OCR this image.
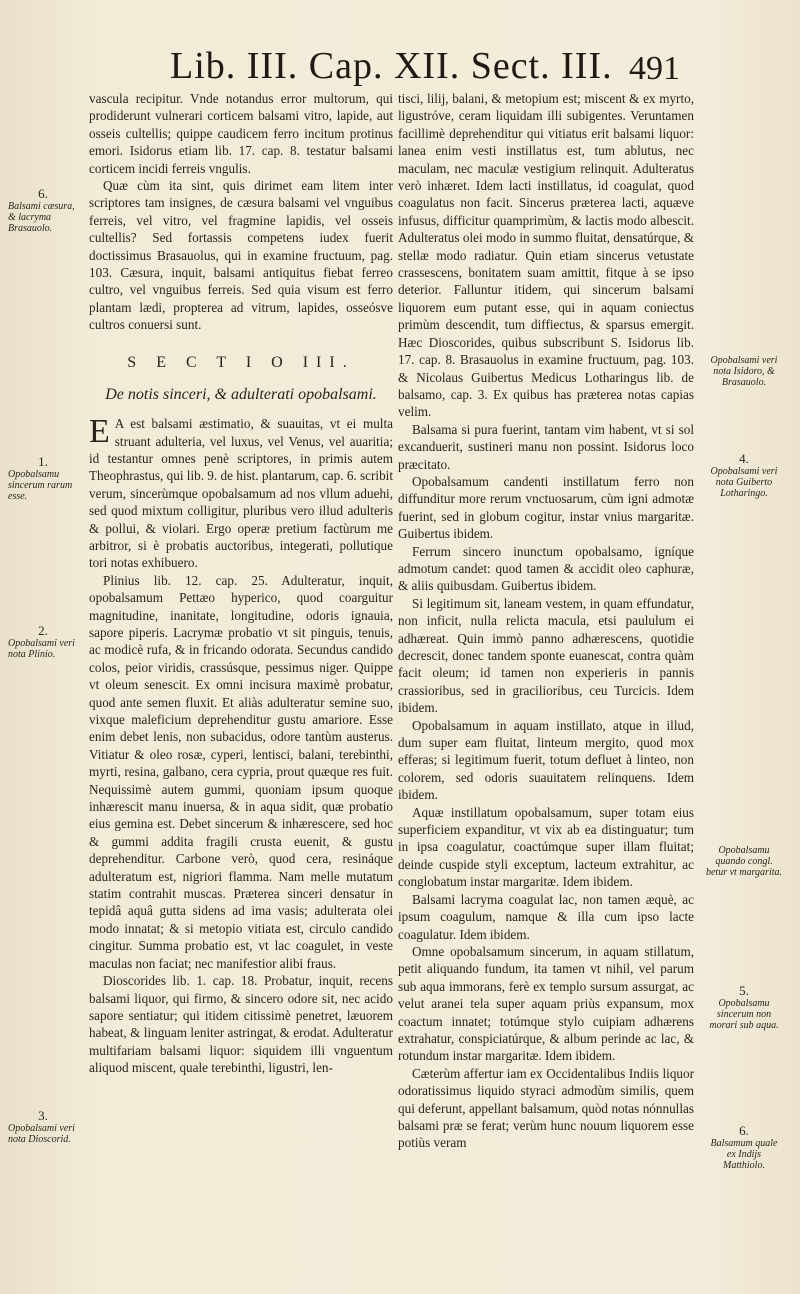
Lib. III. Cap. XII. Sect. III. 491
6.
Balsami cæsura, & lacryma Brasauolo.
1.
Opobalsamu sincerum rarum esse.
2.
Opobalsami veri nota Plinio.
3.
Opobalsami veri nota Dioscorid.
Opobalsami veri nota Isidoro, & Brasauolo.
4.
Opobalsami veri nota Guiberto Lotharingo.
Opobalsamu quando congl. betur vt margarita.
5.
Opobalsamu sincerum non morari sub aqua.
6.
Balsamum quale ex Indijs Matthiolo.

vascula recipitur. Vnde notandus error multorum, qui prodiderunt vulnerari corticem balsami vitro, lapide, aut osseis cultellis; quippe caudicem ferro incitum protinus emori. Isidorus etiam lib. 17. cap. 8. testatur balsami corticem incidi ferreis vngulis.

Quæ cùm ita sint, quis dirimet eam litem inter scriptores tam insignes, de cæsura balsami vel vnguibus ferreis, vel vitro, vel fragmine lapidis, vel osseis cultellis? Sed fortassis competens iudex fuerit doctissimus Brasauolus, qui in examine fructuum, pag. 103. Cæsura, inquit, balsami antiquitus fiebat ferreo cultro, vel vnguibus ferreis. Sed quia visum est ferro plantam lædi, propterea ad vitrum, lapides, osseósve cultros conuersi sunt.

S E C T I O III.
De notis sinceri, & adulterati opobalsami.

E A est balsami æstimatio, & suauitas, vt ei multa struant adulteria, vel luxus, vel Venus, vel auaritia; id testantur omnes penè scriptores, in primis autem Theophrastus, qui lib. 9. de hist. plantarum, cap. 6. scribit verum, sincerùmque opobalsamum ad nos vllum aduehi, sed quod mixtum colligitur, pluribus vero illud adulteris & pollui, & violari. Ergo operæ pretium factùrum me arbitror, si è probatis auctoribus, integerati, pollutique tori notas exhibuero.

Plinius lib. 12. cap. 25. Adulteratur, inquit, opobalsamum Pettæo hyperico, quod coarguitur magnitudine, inanitate, longitudine, odoris ignauia, sapore piperis. Lacrymæ probatio vt sit pinguis, tenuis, ac modicè rufa, & in fricando odorata. Secundus candido colos, peior viridis, crassúsque, pessimus niger. Quippe vt oleum senescit. Ex omni incisura maximè probatur, quod ante semen fluxit. Et aliàs adulteratur semine suo, vixque maleficium deprehenditur gustu amariore. Esse enim debet lenis, non subacidus, odore tantùm austerus. Vitiatur & oleo rosæ, cyperi, lentisci, balani, terebinthi, myrti, resina, galbano, cera cypria, prout quæque res fuit. Nequissimè autem gummi, quoniam ipsum quoque inhærescit manu inuersa, & in aqua sidit, quæ probatio eius gemina est. Debet sincerum & inhærescere, sed hoc & gummi addita fragili crusta euenit, & gustu deprehenditur. Carbone verò, quod cera, resináque adulteratum est, nigriori flamma. Nam melle mutatum statim contrahit muscas. Præterea sinceri densatur in tepidâ aquâ gutta sidens ad ima vasis; adulterata olei modo innatat; & si metopio vitiata est, circulo candido cingitur. Summa probatio est, vt lac coagulet, in veste maculas non faciat; nec manifestior alibi fraus.

Dioscorides lib. 1. cap. 18. Probatur, inquit, recens balsami liquor, qui firmo, & sincero odore sit, nec acido sapore sentiatur; qui itidem citissimè penetret, læuorem habeat, & linguam leniter astringat, & erodat. Adulteratur multifariam balsami liquor: siquidem illi vnguentum aliquod miscent, quale terebinthi, ligustri, len-

tisci, lilij, balani, & metopium est; miscent & ex myrto, ligustróve, ceram liquidam illi subigentes. Veruntamen facillimè deprehenditur qui vitiatus erit balsami liquor: lanea enim vesti instillatus est, tum ablutus, nec maculam, nec maculæ vestigium relinquit. Adulteratus verò inhæret. Idem lacti instillatus, id coagulat, quod coagulatus non facit. Sincerus præterea lacti, aquæve infusus, difficitur quamprimùm, & lactis modo albescit. Adulteratus olei modo in summo fluitat, densatúrque, & stellæ modo radiatur. Quin etiam sincerus vetustate crassescens, bonitatem suam amittit, fitque à se ipso deterior. Falluntur itidem, qui sincerum balsami liquorem eum putant esse, qui in aquam coniectus primùm descendit, tum diffiectus, & sparsus emergit. Hæc Dioscorides, quibus subscribunt S. Isidorus lib. 17. cap. 8. Brasauolus in examine fructuum, pag. 103. & Nicolaus Guibertus Medicus Lotharingus lib. de balsamo, cap. 3. Ex quibus has præterea notas capias velim.

Balsama si pura fuerint, tantam vim habent, vt si sol excanduerit, sustineri manu non possint. Isidorus loco præcitato.

Opobalsamum candenti instillatum ferro non diffunditur more rerum vnctuosarum, cùm igni admotæ fuerint, sed in globum cogitur, instar vnius margaritæ. Guibertus ibidem.

Ferrum sincero inunctum opobalsamo, igníque admotum candet: quod tamen & accidit oleo caphuræ, & aliis quibusdam. Guibertus ibidem.

Si legitimum sit, laneam vestem, in quam effundatur, non inficit, nulla relicta macula, etsi paululum ei adhæreat. Quin immò panno adhærescens, quotidie decrescit, donec tandem sponte euanescat, contra quàm facit oleum; id tamen non experieris in pannis crassioribus, sed in gracilioribus, ceu Turcicis. Idem ibidem.

Opobalsamum in aquam instillato, atque in illud, dum super eam fluitat, linteum mergito, quod mox efferas; si legitimum fuerit, totum defluet à linteo, non colorem, sed odoris suauitatem relinquens. Idem ibidem.

Aquæ instillatum opobalsamum, super totam eius superficiem expanditur, vt vix ab ea distinguatur; tum in ipsa coagulatur, coactúmque super illam fluitat; deinde cuspide styli exceptum, lacteum extrahitur, ac conglobatum instar margaritæ. Idem ibidem.

Balsami lacryma coagulat lac, non tamen æquè, ac ipsum coagulum, namque & illa cum ipso lacte coagulatur. Idem ibidem.

Omne opobalsamum sincerum, in aquam stillatum, petit aliquando fundum, ita tamen vt nihil, vel parum sub aqua immorans, ferè ex templo sursum assurgat, ac velut aranei tela super aquam priùs expansum, mox coactum innatet; totúmque stylo cuipiam adhærens extrahatur, conspiciatúrque, & album perinde ac lac, & rotundum instar margaritæ. Idem ibidem.

Cæterùm affertur iam ex Occidentalibus Indiis liquor odoratissimus liquido styraci admodùm similis, quem qui deferunt, appellant balsamum, quòd notas nónnullas balsami præ se ferat; verùm hunc nouum liquorem esse potiùs veram
